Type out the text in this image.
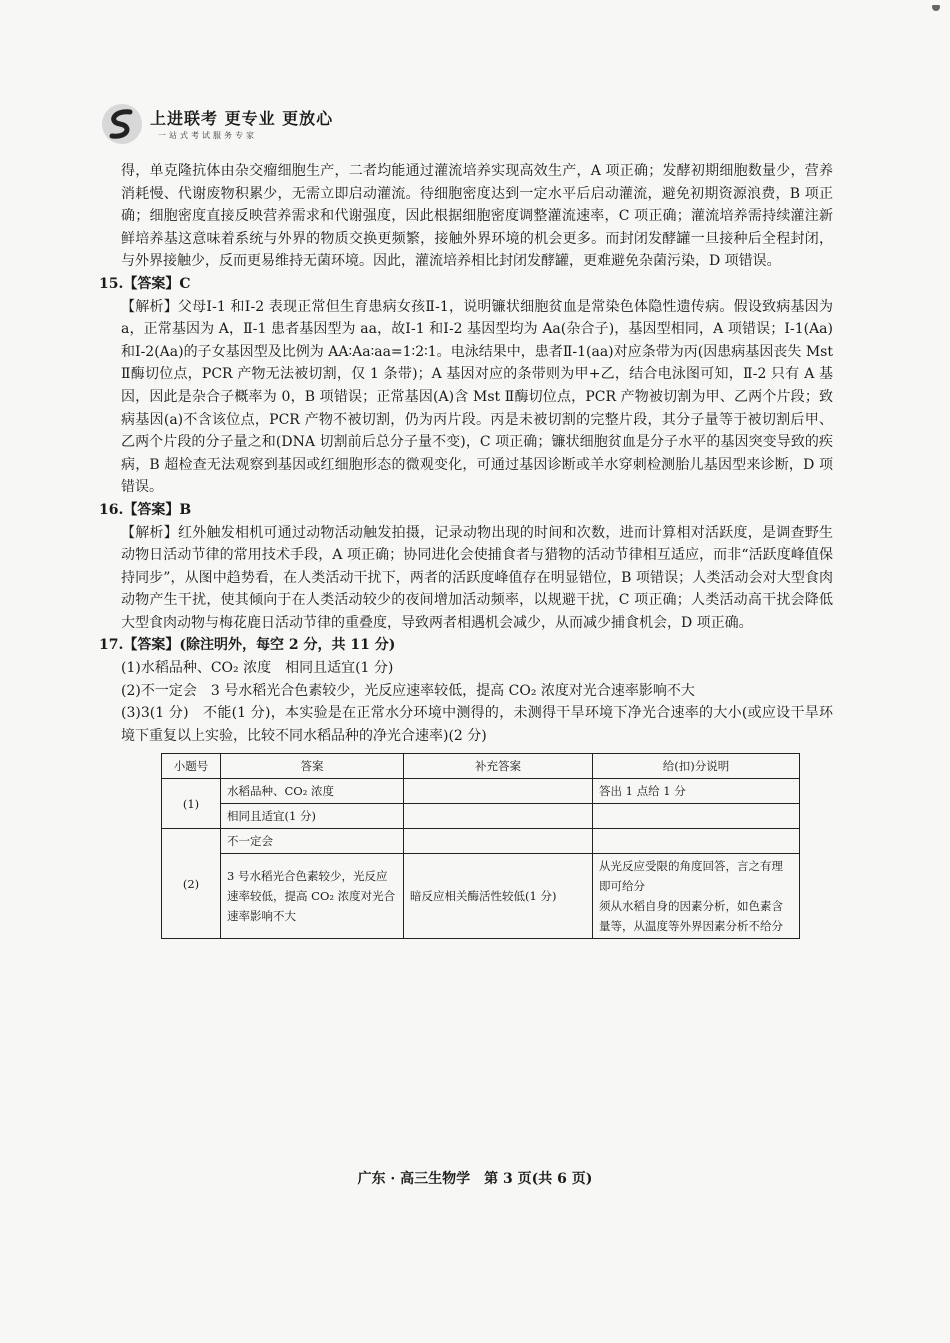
上进联考 更专业 更放心
一站式考试服务专家

得，单克隆抗体由杂交瘤细胞生产，二者均能通过灌流培养实现高效生产，A 项正确；发酵初期细胞数量少，营养消耗慢、代谢废物积累少，无需立即启动灌流。待细胞密度达到一定水平后启动灌流，避免初期资源浪费，B 项正确；细胞密度直接反映营养需求和代谢强度，因此根据细胞密度调整灌流速率，C 项正确；灌流培养需持续灌注新鲜培养基这意味着系统与外界的物质交换更频繁，接触外界环境的机会更多。而封闭发酵罐一旦接种后全程封闭，与外界接触少，反而更易维持无菌环境。因此，灌流培养相比封闭发酵罐，更难避免杂菌污染，D 项错误。

15.【答案】C

【解析】父母Ⅰ-1 和Ⅰ-2 表现正常但生育患病女孩Ⅱ-1，说明镰状细胞贫血是常染色体隐性遗传病。假设致病基因为 a，正常基因为 A，Ⅱ-1 患者基因型为 aa，故Ⅰ-1 和Ⅰ-2 基因型均为 Aa(杂合子)，基因型相同，A 项错误；Ⅰ-1(Aa)和Ⅰ-2(Aa)的子女基因型及比例为 AA∶Aa∶aa=1∶2∶1。电泳结果中，患者Ⅱ-1(aa)对应条带为丙(因患病基因丧失 Mst Ⅱ酶切位点，PCR 产物无法被切割，仅 1 条带)；A 基因对应的条带则为甲+乙，结合电泳图可知，Ⅱ-2 只有 A 基因，因此是杂合子概率为 0，B 项错误；正常基因(A)含 Mst Ⅱ酶切位点，PCR 产物被切割为甲、乙两个片段；致病基因(a)不含该位点，PCR 产物不被切割，仍为丙片段。丙是未被切割的完整片段，其分子量等于被切割后甲、乙两个片段的分子量之和(DNA 切割前后总分子量不变)，C 项正确；镰状细胞贫血是分子水平的基因突变导致的疾病，B 超检查无法观察到基因或红细胞形态的微观变化，可通过基因诊断或羊水穿刺检测胎儿基因型来诊断，D 项错误。

16.【答案】B

【解析】红外触发相机可通过动物活动触发拍摄，记录动物出现的时间和次数，进而计算相对活跃度，是调查野生动物日活动节律的常用技术手段，A 项正确；协同进化会使捕食者与猎物的活动节律相互适应，而非“活跃度峰值保持同步”，从图中趋势看，在人类活动干扰下，两者的活跃度峰值存在明显错位，B 项错误；人类活动会对大型食肉动物产生干扰，使其倾向于在人类活动较少的夜间增加活动频率，以规避干扰，C 项正确；人类活动高干扰会降低大型食肉动物与梅花鹿日活动节律的重叠度，导致两者相遇机会减少，从而减少捕食机会，D 项正确。

17.【答案】(除注明外，每空 2 分，共 11 分)

(1)水稻品种、CO₂ 浓度　相同且适宜(1 分)

(2)不一定会　3 号水稻光合色素较少，光反应速率较低，提高 CO₂ 浓度对光合速率影响不大

(3)3(1 分)　不能(1 分)，本实验是在正常水分环境中测得的，未测得干旱环境下净光合速率的大小(或应设干旱环境下重复以上实验，比较不同水稻品种的净光合速率)(2 分)

小题号	答案	补充答案	给(扣)分说明
(1)	水稻品种、CO₂ 浓度		答出 1 点给 1 分
	相同且适宜(1 分)		
(2)	不一定会		
	3 号水稻光合色素较少，光反应速率较低，提高 CO₂ 浓度对光合速率影响不大	暗反应相关酶活性较低(1 分)	从光反应受限的角度回答，言之有理即可给分
须从水稻自身的因素分析，如色素含量等，从温度等外界因素分析不给分
广东 · 高三生物学　第 3 页(共 6 页)
